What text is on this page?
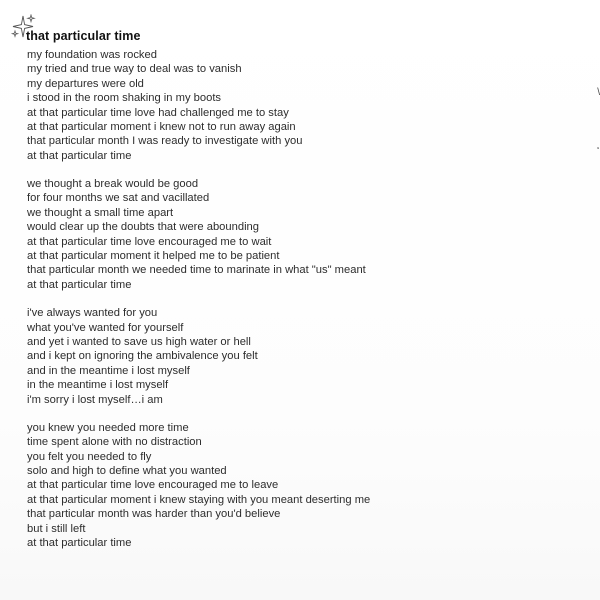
that particular time
my foundation was rocked
my tried and true way to deal was to vanish
my departures were old
i stood in the room shaking in my boots
at that particular time love had challenged me to stay
at that particular moment i knew not to run away again
that particular month I was ready to investigate with you
at that particular time
we thought a break would be good
for four months we sat and vacillated
we thought a small time apart
would clear up the doubts that were abounding
at that particular time love encouraged me to wait
at that particular moment it helped me to be patient
that particular month we needed time to marinate in what "us" meant
at that particular time
i've always wanted for you
what you've wanted for yourself
and yet i wanted to save us high water or hell
and i kept on ignoring the ambivalence you felt
and in the meantime i lost myself
in the meantime i lost myself
i'm sorry i lost myself…i am
you knew you needed more time
time spent alone with no distraction
you felt you needed to fly
solo and high to define what you wanted
at that particular time love encouraged me to leave
at that particular moment i knew staying with you meant deserting me
that particular month was harder than you'd believe
but i still left
at that particular time
\
¸
